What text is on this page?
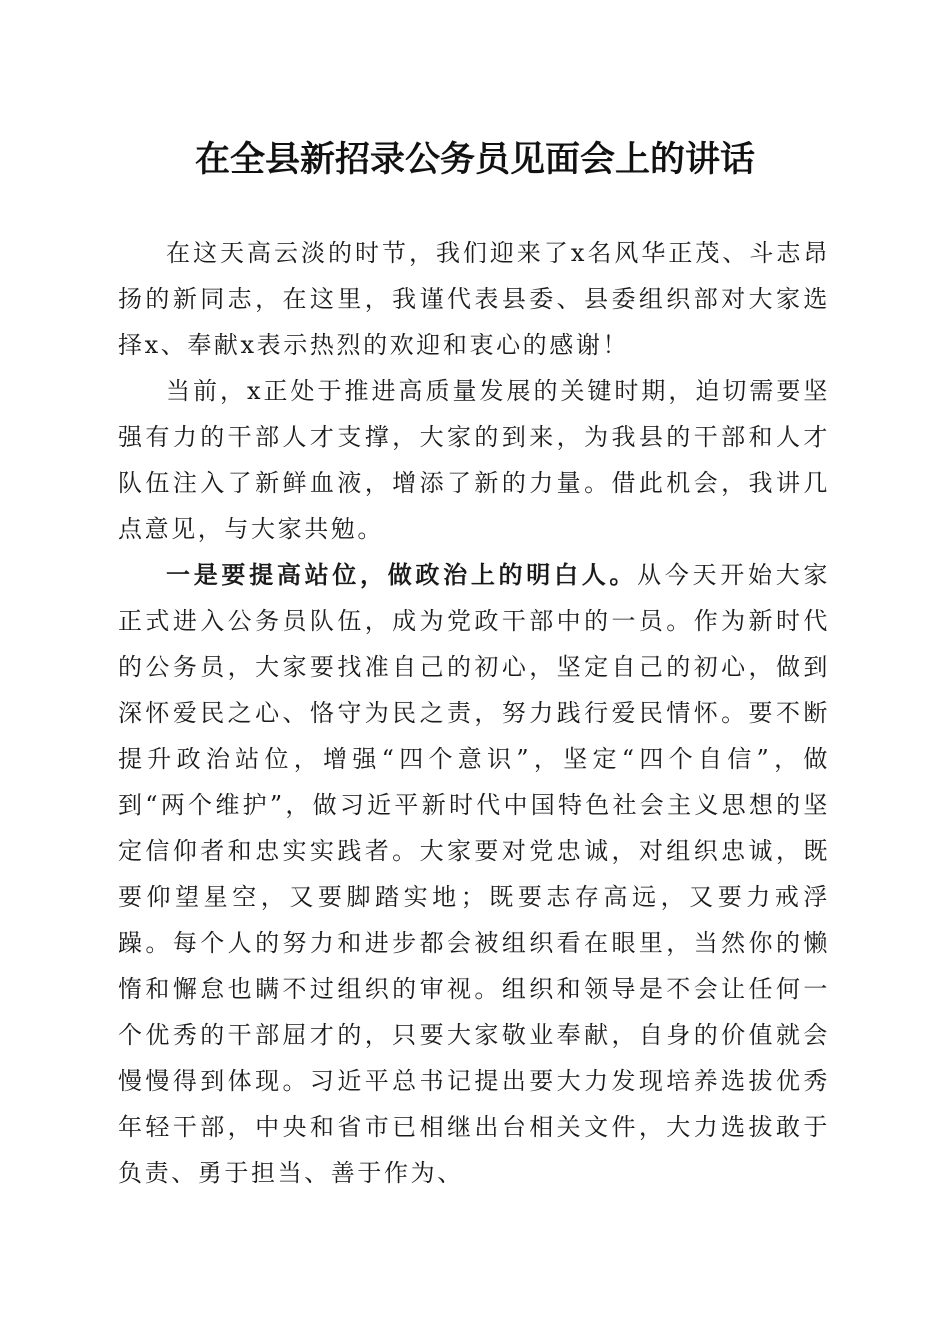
在全县新招录公务员见面会上的讲话

在这天高云淡的时节，我们迎来了x名风华正茂、斗志昂扬的新同志，在这里，我谨代表县委、县委组织部对大家选择x、奉献x表示热烈的欢迎和衷心的感谢！

当前，x正处于推进高质量发展的关键时期，迫切需要坚强有力的干部人才支撑，大家的到来，为我县的干部和人才队伍注入了新鲜血液，增添了新的力量。借此机会，我讲几点意见，与大家共勉。

一是要提高站位，做政治上的明白人。从今天开始大家正式进入公务员队伍，成为党政干部中的一员。作为新时代的公务员，大家要找准自己的初心，坚定自己的初心，做到深怀爱民之心、恪守为民之责，努力践行爱民情怀。要不断提升政治站位，增强“四个意识”，坚定“四个自信”，做到“两个维护”，做习近平新时代中国特色社会主义思想的坚定信仰者和忠实实践者。大家要对党忠诚，对组织忠诚，既要仰望星空，又要脚踏实地；既要志存高远，又要力戒浮躁。每个人的努力和进步都会被组织看在眼里，当然你的懒惰和懈怠也瞒不过组织的审视。组织和领导是不会让任何一个优秀的干部屈才的，只要大家敬业奉献，自身的价值就会慢慢得到体现。习近平总书记提出要大力发现培养选拔优秀年轻干部，中央和省市已相继出台相关文件，大力选拔敢于负责、勇于担当、善于作为、
